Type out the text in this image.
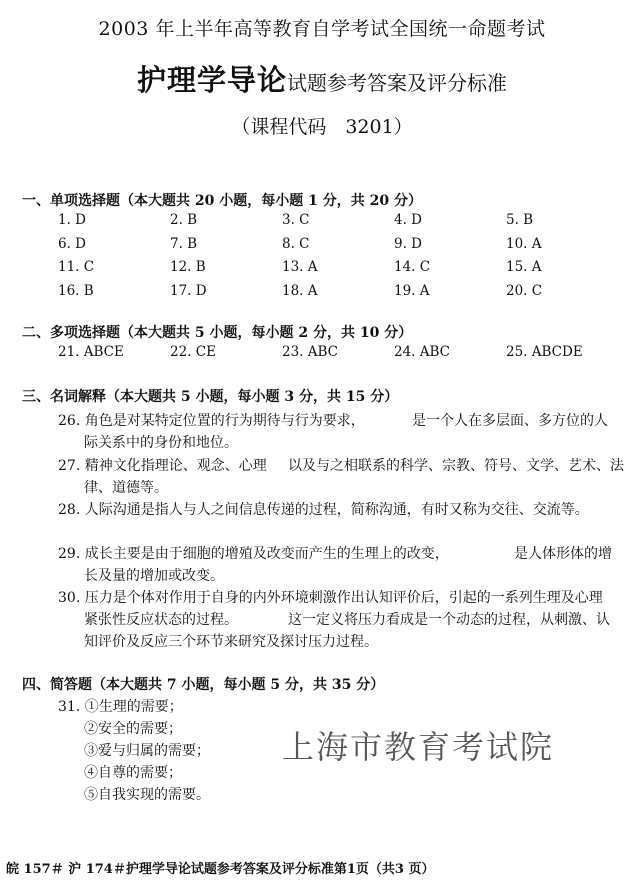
2003 年上半年高等教育自学考试全国统一命题考试
护理学导论试题参考答案及评分标准
（课程代码　3201）
一、单项选择题（本大题共 20 小题，每小题 1 分，共 20 分）
1. D	2. B	3. C	4. D	5. B
6. D	7. B	8. C	9. D	10. A
11. C	12. B	13. A	14. C	15. A
16. B	17. D	18. A	19. A	20. C
二、多项选择题（本大题共 5 小题，每小题 2 分，共 10 分）
21. ABCE	22. CE	23. ABC	24. ABC	25. ABCDE
三、名词解释（本大题共 5 小题，每小题 3 分，共 15 分）
26. 角色是对某特定位置的行为期待与行为要求，	是一个人在多层面、多方位的人
际关系中的身份和地位。
27. 精神文化指理论、观念、心理 以及与之相联系的科学、宗教、符号、文学、艺术、法
律、道德等。
28. 人际沟通是指人与人之间信息传递的过程，简称沟通，有时又称为交往、交流等。
29. 成长主要是由于细胞的增殖及改变而产生的生理上的改变，	是人体形体的增
长及量的增加或改变。
30. 压力是个体对作用于自身的内外环境刺激作出认知评价后，引起的一系列生理及心理
紧张性反应状态的过程。	这一定义将压力看成是一个动态的过程，从刺激、认
知评价及反应三个环节来研究及探讨压力过程。
四、简答题（本大题共 7 小题，每小题 5 分，共 35 分）
31. ①生理的需要；
②安全的需要；
③爱与归属的需要；
④自尊的需要；
⑤自我实现的需要。
上海市教育考试院
皖 157＃ 沪 174＃护理学导论试题参考答案及评分标准第1页（共3 页）
